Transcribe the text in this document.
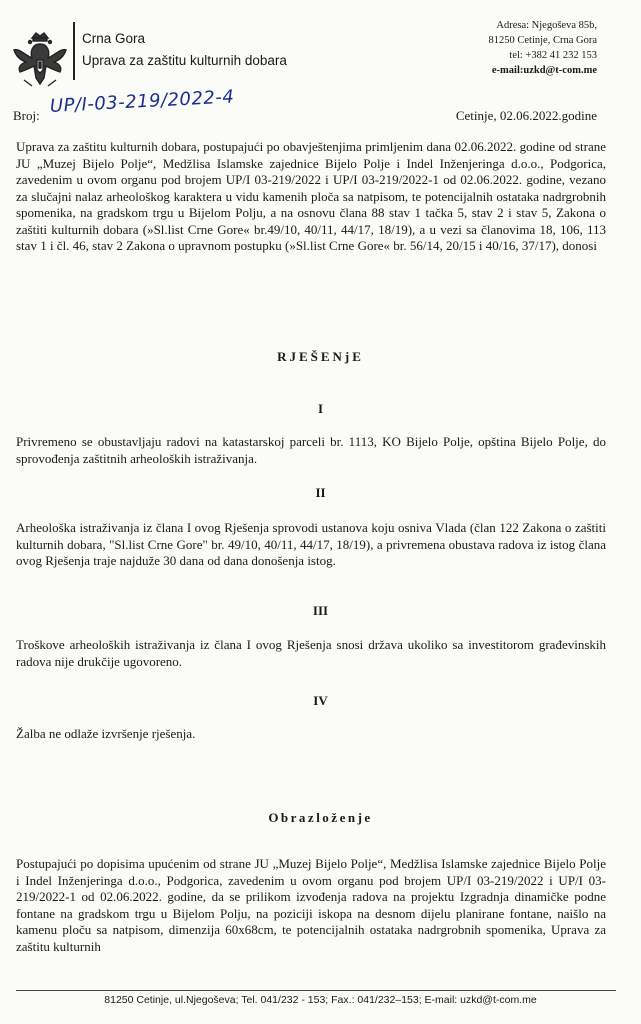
Crna Gora
Uprava za zaštitu kulturnih dobara
Adresa: Njegoševa 85b,
81250 Cetinje, Crna Gora
tel: +382 41 232 153
e-mail:uzkd@t-com.me
Broj: UP/I-03-219/2022-4	Cetinje, 02.06.2022.godine

Uprava za zaštitu kulturnih dobara, postupajući po obavještenjima primljenim dana 02.06.2022. godine od strane JU „Muzej Bijelo Polje“, Medžlisa Islamske zajednice Bijelo Polje i Indel Inženjeringa d.o.o., Podgorica, zavedenim u ovom organu pod brojem UP/I 03-219/2022 i UP/I 03-219/2022-1 od 02.06.2022. godine, vezano za slučajni nalaz arheološkog karaktera u vidu kamenih ploča sa natpisom, te potencijalnih ostataka nadrgrobnih spomenika, na gradskom trgu u Bijelom Polju, a na osnovu člana 88 stav 1 tačka 5, stav 2 i stav 5, Zakona o zaštiti kulturnih dobara (»Sl.list Crne Gore« br.49/10, 40/11, 44/17, 18/19), a u vezi sa članovima 18, 106, 113 stav 1 i čl. 46, stav 2 Zakona o upravnom postupku (»Sl.list Crne Gore« br. 56/14, 20/15 i 40/16, 37/17), donosi

RJEŠENjE

I

Privremeno se obustavljaju radovi na katastarskoj parceli br. 1113, KO Bijelo Polje, opština Bijelo Polje, do sprovođenja zaštitnih arheoloških istraživanja.

II

Arheološka istraživanja iz člana I ovog Rješenja sprovodi ustanova koju osniva Vlada (član 122 Zakona o zaštiti kulturnih dobara, "Sl.list Crne Gore" br. 49/10, 40/11, 44/17, 18/19), a privremena obustava radova iz istog člana ovog Rješenja traje najduže 30 dana od dana donošenja istog.

III

Troškove arheoloških istraživanja iz člana I ovog Rješenja snosi država ukoliko sa investitorom građevinskih radova nije drukčije ugovoreno.

IV

Žalba ne odlaže izvršenje rješenja.

Obrazloženje

Postupajući po dopisima upućenim od strane JU „Muzej Bijelo Polje“, Medžlisa Islamske zajednice Bijelo Polje i Indel Inženjeringa d.o.o., Podgorica, zavedenim u ovom organu pod brojem UP/I 03-219/2022 i UP/I 03-219/2022-1 od 02.06.2022. godine, da se prilikom izvođenja radova na projektu Izgradnja dinamičke podne fontane na gradskom trgu u Bijelom Polju, na poziciji iskopa na desnom dijelu planirane fontane, naišlo na kamenu ploču sa natpisom, dimenzija 60x68cm, te potencijalnih ostataka nadrgrobnih spomenika, Uprava za zaštitu kulturnih

81250 Cetinje, ul.Njegoševa; Tel. 041/232 - 153; Fax.: 041/232–153; E-mail: uzkd@t-com.me
